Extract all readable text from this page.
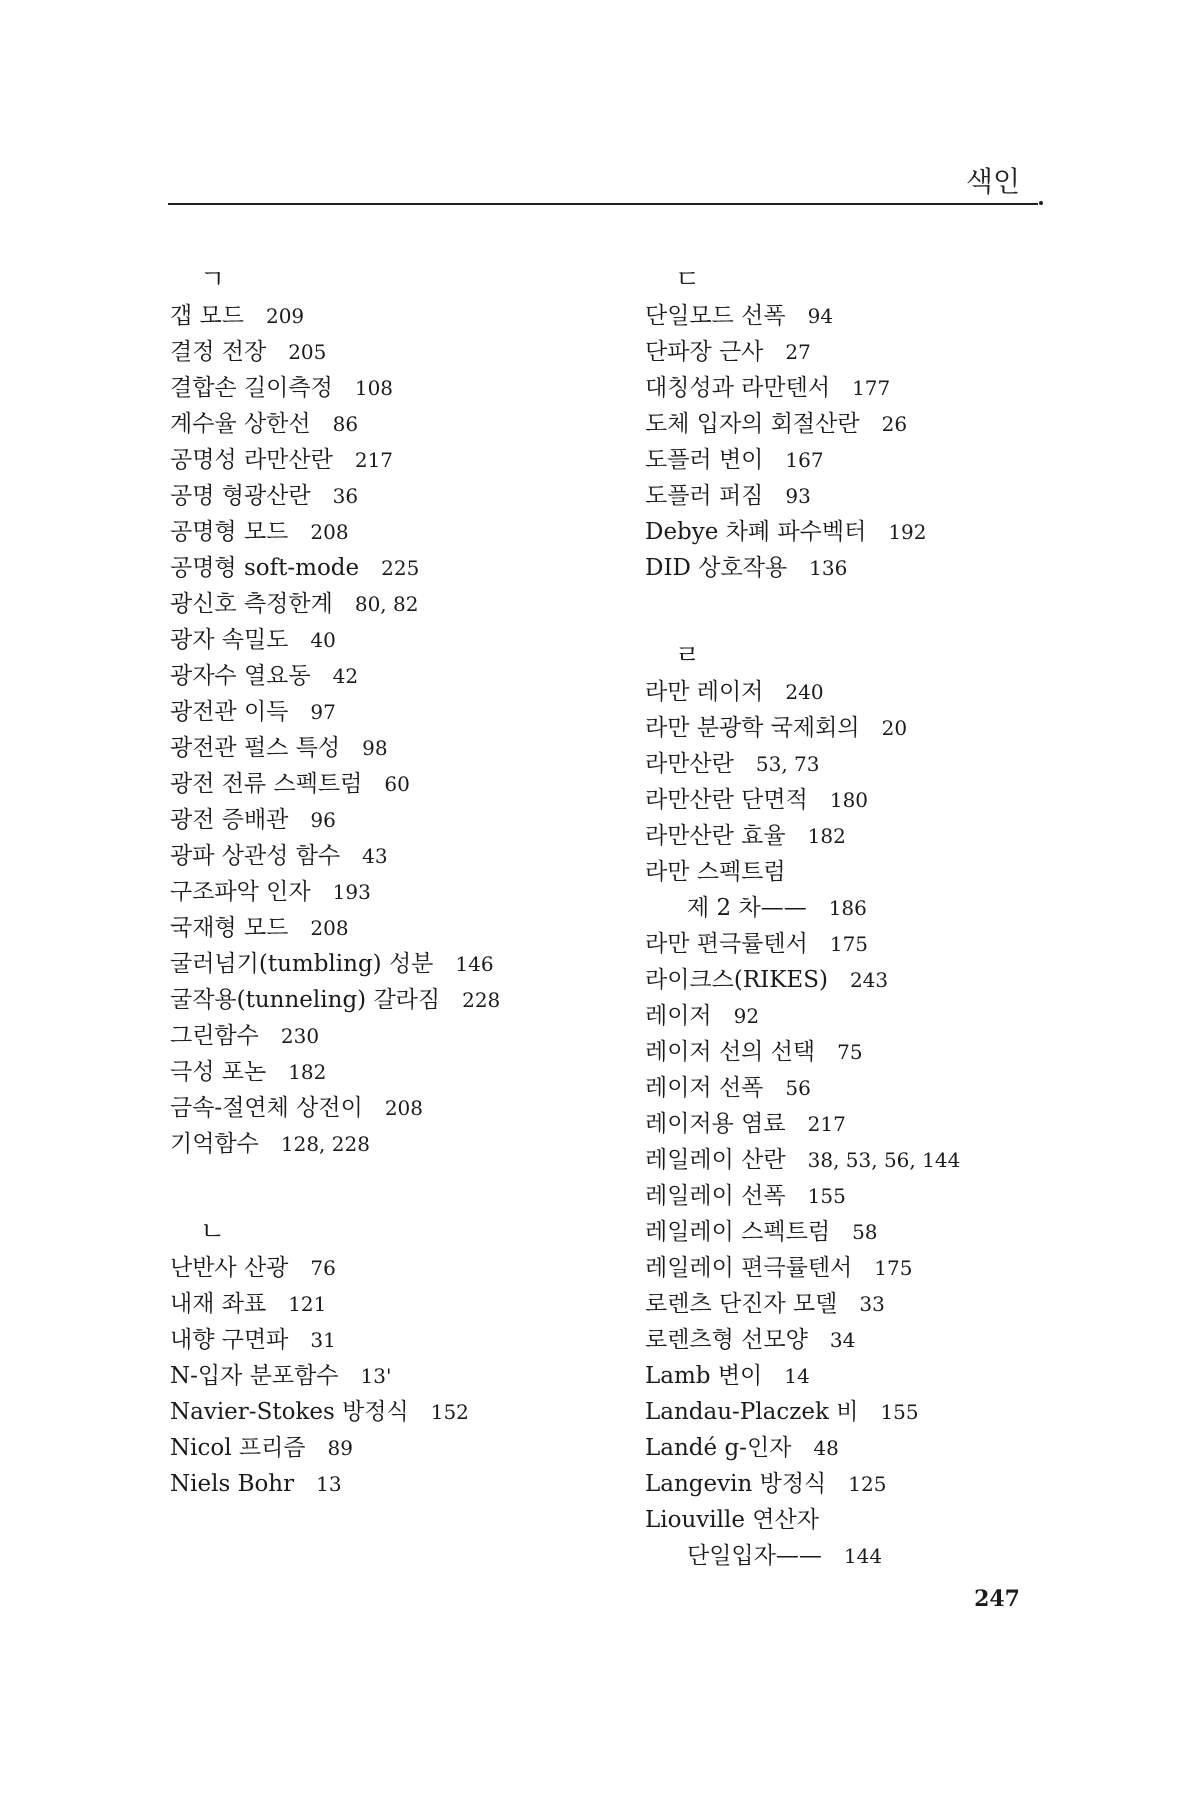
색인
ㄱ
갭 모드 209
결정 전장 205
결합손 길이측정 108
계수율 상한선 86
공명성 라만산란 217
공명 형광산란 36
공명형 모드 208
공명형 soft-mode 225
광신호 측정한계 80, 82
광자 속밀도 40
광자수 열요동 42
광전관 이득 97
광전관 펄스 특성 98
광전 전류 스펙트럼 60
광전 증배관 96
광파 상관성 함수 43
구조파악 인자 193
국재형 모드 208
굴러넘기(tumbling) 성분 146
굴작용(tunneling) 갈라짐 228
그린함수 230
극성 포논 182
금속-절연체 상전이 208
기억함수 128, 228
ㄴ
난반사 산광 76
내재 좌표 121
내향 구면파 31
N-입자 분포함수 13'
Navier-Stokes 방정식 152
Nicol 프리즘 89
Niels Bohr 13
ㄷ
단일모드 선폭 94
단파장 근사 27
대칭성과 라만텐서 177
도체 입자의 회절산란 26
도플러 변이 167
도플러 퍼짐 93
Debye 차폐 파수벡터 192
DID 상호작용 136
ㄹ
라만 레이저 240
라만 분광학 국제회의 20
라만산란 53, 73
라만산란 단면적 180
라만산란 효율 182
라만 스펙트럼
제 2 차—— 186
라만 편극률텐서 175
라이크스(RIKES) 243
레이저 92
레이저 선의 선택 75
레이저 선폭 56
레이저용 염료 217
레일레이 산란 38, 53, 56, 144
레일레이 선폭 155
레일레이 스펙트럼 58
레일레이 편극률텐서 175
로렌츠 단진자 모델 33
로렌츠형 선모양 34
Lamb 변이 14
Landau-Placzek 비 155
Landé g-인자 48
Langevin 방정식 125
Liouville 연산자
단일입자—— 144
247
